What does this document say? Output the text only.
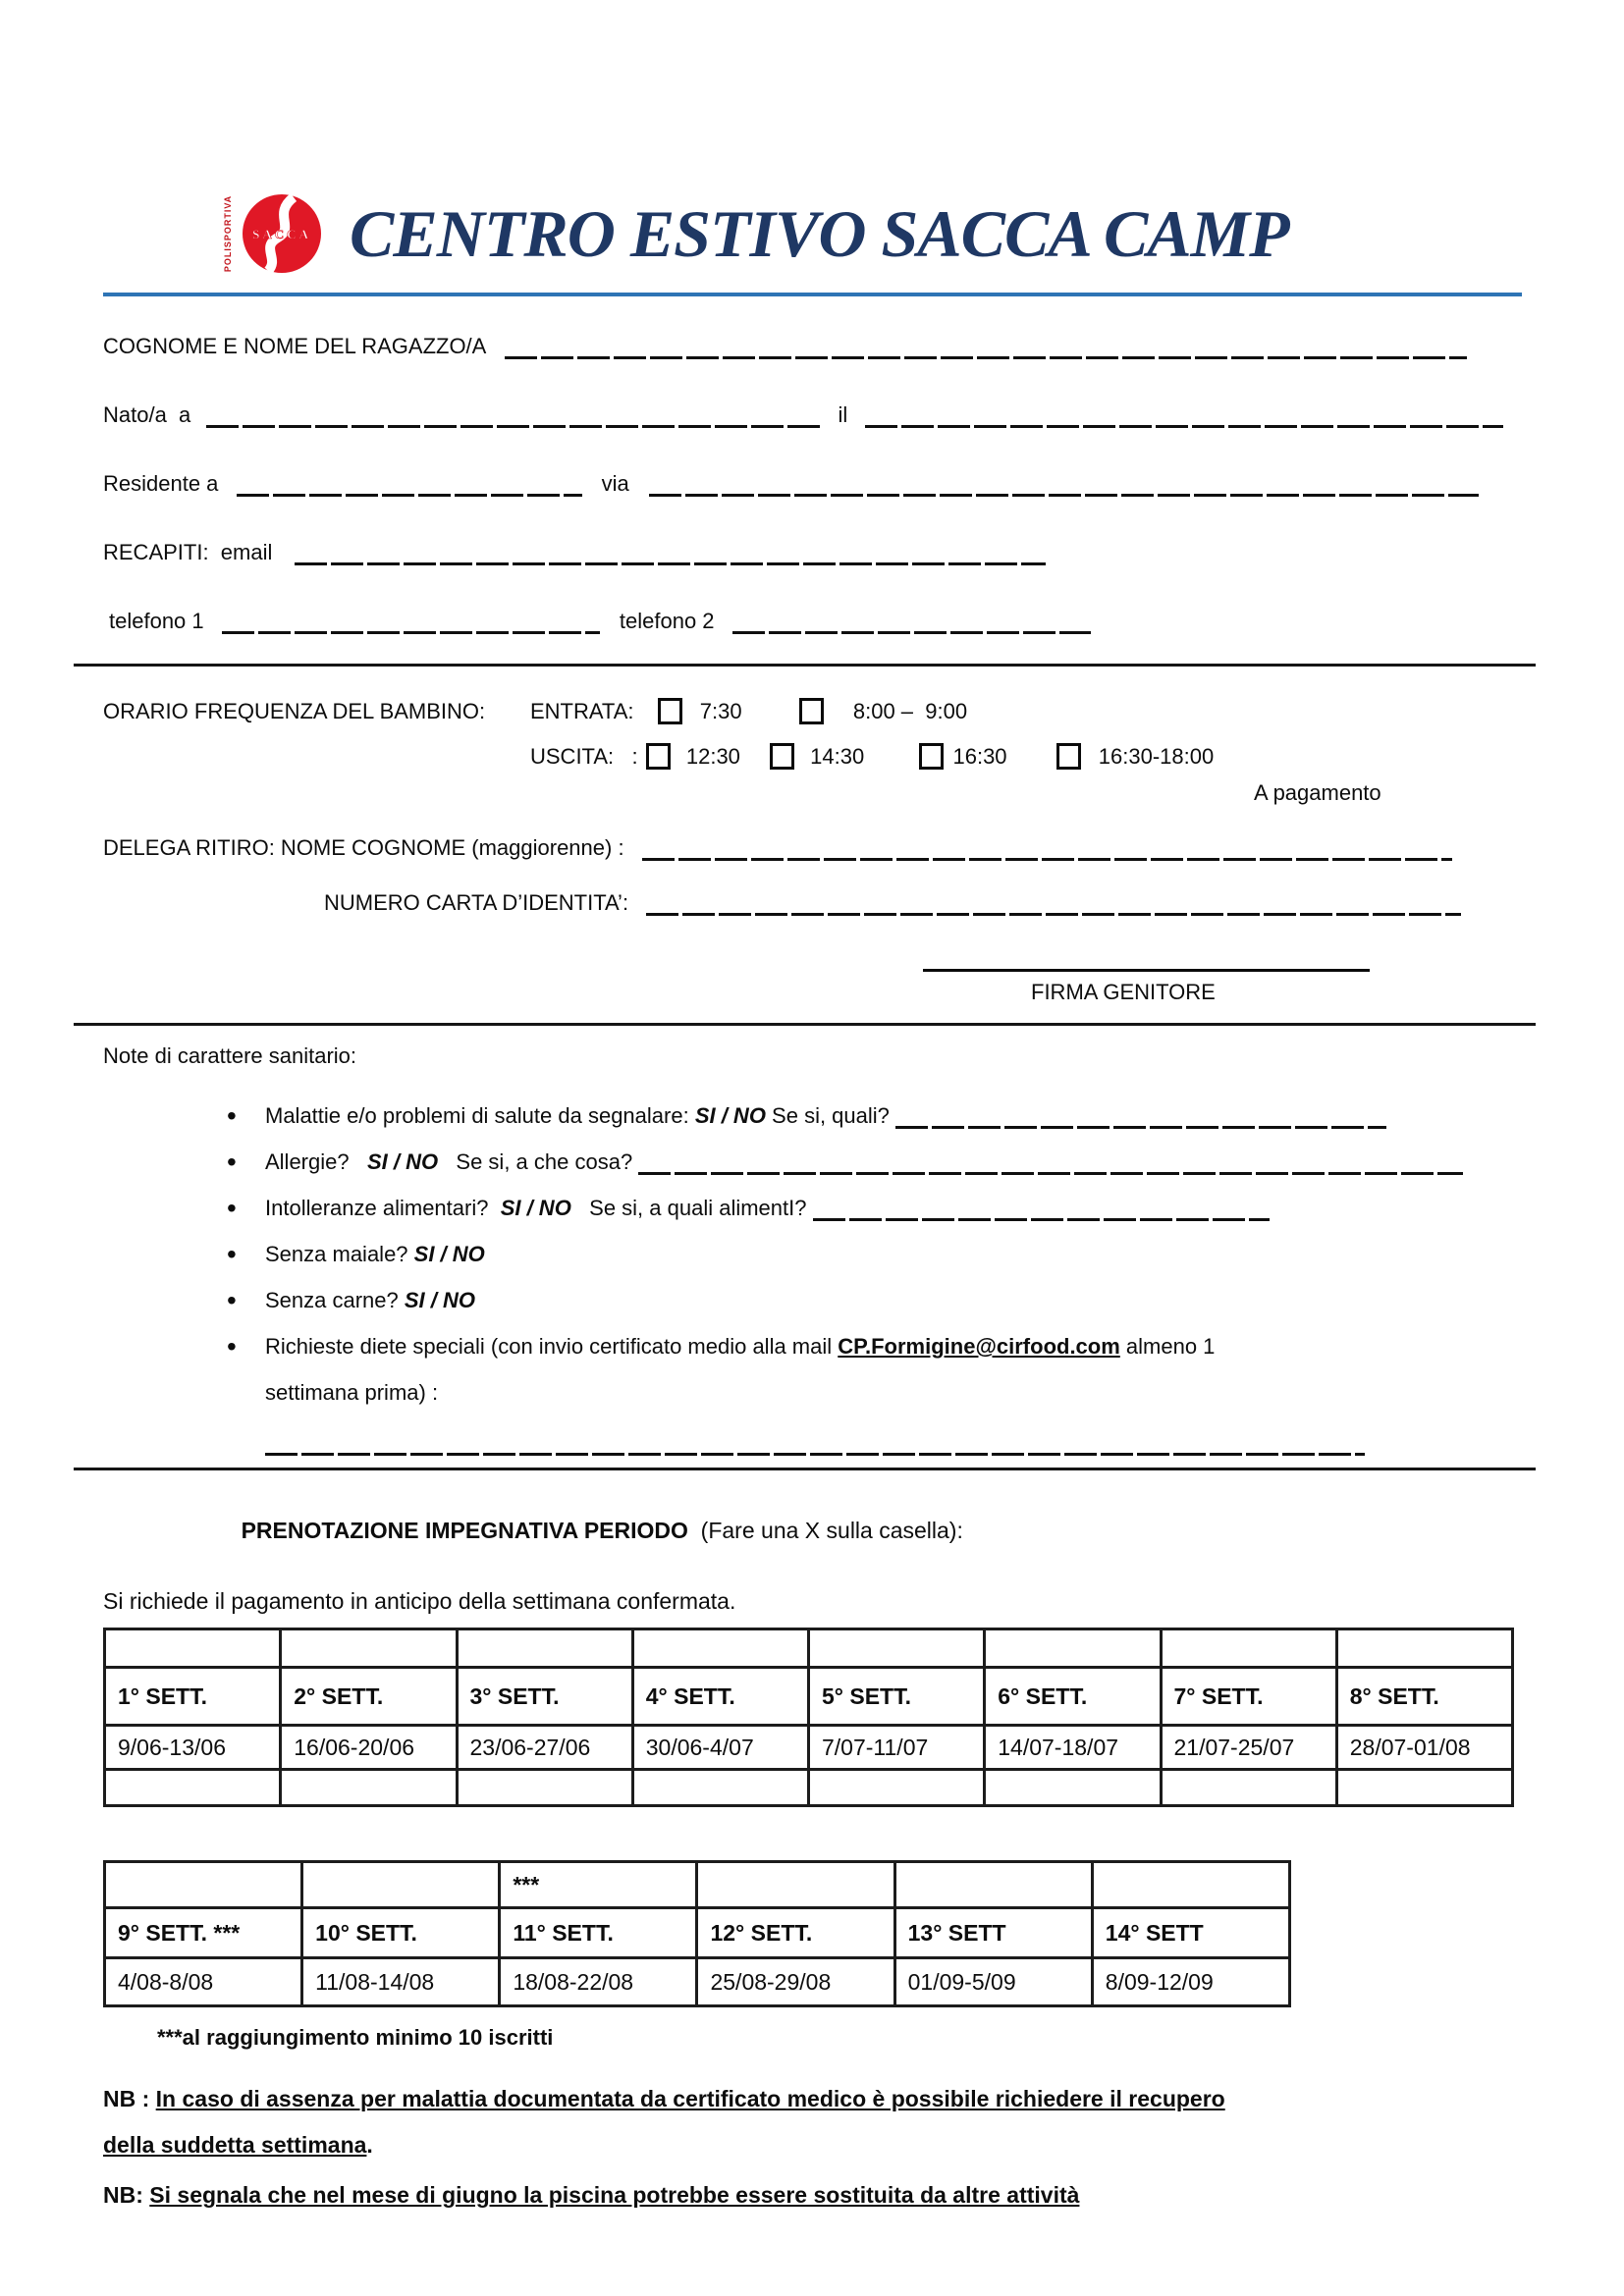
POLISPORTIVA SACCA CENTRO ESTIVO SACCA CAMP
COGNOME E NOME DEL RAGAZZO/A
Nato/a  a	il
Residente a	via
RECAPITI:  email
telefono 1	telefono 2
ORARIO FREQUENZA DEL BAMBINO:	ENTRATA:	7:30	8:00 –  9:00
USCITA:   : 12:30	14:30	16:30	16:30-18:00
A pagamento
DELEGA RITIRO: NOME COGNOME (maggiorenne) :
NUMERO CARTA D’IDENTITA’:
FIRMA GENITORE
Note di carattere sanitario:
• Malattie e/o problemi di salute da segnalare: SI / NO Se si, quali?
• Allergie?   SI / NO   Se si, a che cosa?
• Intolleranze alimentari?  SI / NO   Se si, a quali alimentI?
• Senza maiale? SI / NO
• Senza carne? SI / NO
• Richieste diete speciali (con invio certificato medio alla mail CP.Formigine@cirfood.com almeno 1
settimana prima) :

PRENOTAZIONE IMPEGNATIVA PERIODO  (Fare una X sulla casella):

Si richiede il pagamento in anticipo della settimana confermata.

1° SETT.	2° SETT.	3° SETT.	4° SETT.	5° SETT.	6° SETT.	7° SETT.	8° SETT.
9/06-13/06	16/06-20/06	23/06-27/06	30/06-4/07	7/07-11/07	14/07-18/07	21/07-25/07	28/07-01/08

		***			
9° SETT. ***	10° SETT.	11° SETT.	12° SETT.	13° SETT	14° SETT
4/08-8/08	11/08-14/08	18/08-22/08	25/08-29/08	01/09-5/09	8/09-12/09
***al raggiungimento minimo 10 iscritti
NB : In caso di assenza per malattia documentata da certificato medico è possibile richiedere il recupero
della suddetta settimana.
NB: Si segnala che nel mese di giugno la piscina potrebbe essere sostituita da altre attività
